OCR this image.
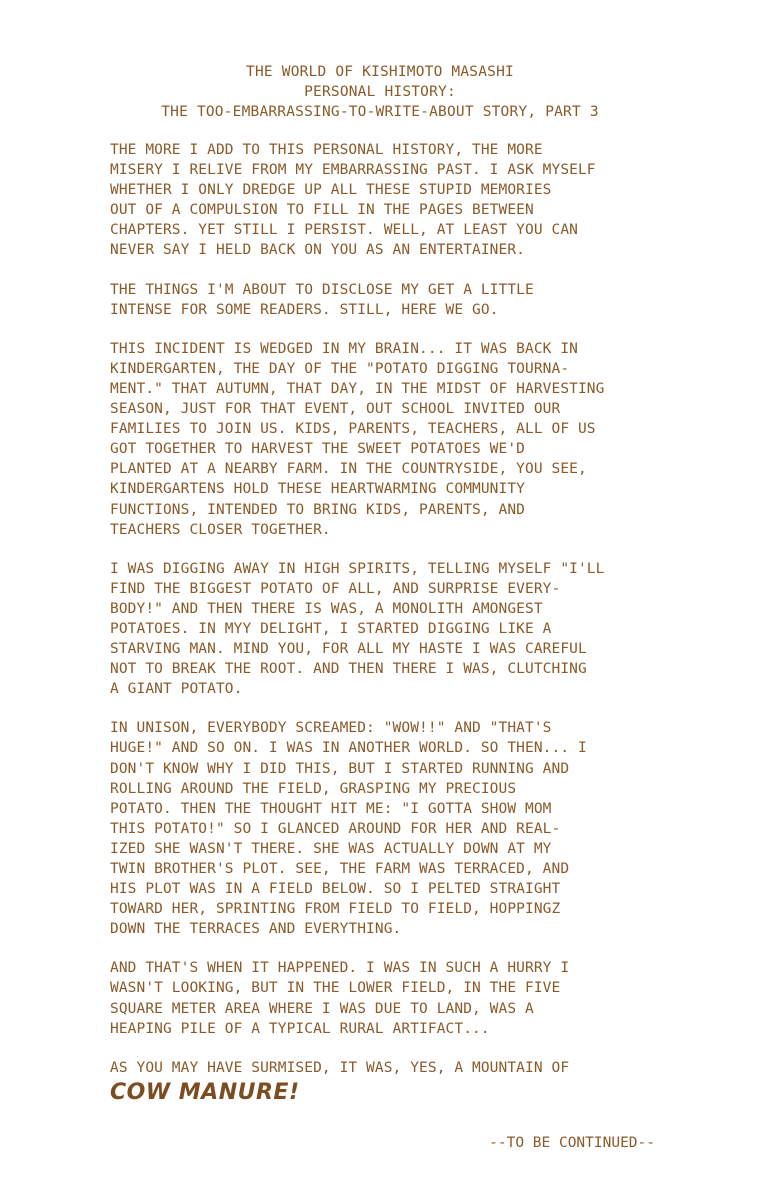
THE WORLD OF KISHIMOTO MASASHI
PERSONAL HISTORY:
THE TOO-EMBARRASSING-TO-WRITE-ABOUT STORY, PART 3
THE MORE I ADD TO THIS PERSONAL HISTORY, THE MORE
MISERY I RELIVE FROM MY EMBARRASSING PAST. I ASK MYSELF
WHETHER I ONLY DREDGE UP ALL THESE STUPID MEMORIES
OUT OF A COMPULSION TO FILL IN THE PAGES BETWEEN
CHAPTERS. YET STILL I PERSIST. WELL, AT LEAST YOU CAN
NEVER SAY I HELD BACK ON YOU AS AN ENTERTAINER.
THE THINGS I'M ABOUT TO DISCLOSE MY GET A LITTLE
INTENSE FOR SOME READERS. STILL, HERE WE GO.
THIS INCIDENT IS WEDGED IN MY BRAIN... IT WAS BACK IN
KINDERGARTEN, THE DAY OF THE "POTATO DIGGING TOURNA-
MENT." THAT AUTUMN, THAT DAY, IN THE MIDST OF HARVESTING
SEASON, JUST FOR THAT EVENT, OUT SCHOOL INVITED OUR
FAMILIES TO JOIN US. KIDS, PARENTS, TEACHERS, ALL OF US
GOT TOGETHER TO HARVEST THE SWEET POTATOES WE'D
PLANTED AT A NEARBY FARM. IN THE COUNTRYSIDE, YOU SEE,
KINDERGARTENS HOLD THESE HEARTWARMING COMMUNITY
FUNCTIONS, INTENDED TO BRING KIDS, PARENTS, AND
TEACHERS CLOSER TOGETHER.
I WAS DIGGING AWAY IN HIGH SPIRITS, TELLING MYSELF "I'LL
FIND THE BIGGEST POTATO OF ALL, AND SURPRISE EVERY-
BODY!" AND THEN THERE IS WAS, A MONOLITH AMONGEST
POTATOES. IN MYY DELIGHT, I STARTED DIGGING LIKE A
STARVING MAN. MIND YOU, FOR ALL MY HASTE I WAS CAREFUL
NOT TO BREAK THE ROOT. AND THEN THERE I WAS, CLUTCHING
A GIANT POTATO.
IN UNISON, EVERYBODY SCREAMED: "WOW!!" AND "THAT'S
HUGE!" AND SO ON. I WAS IN ANOTHER WORLD. SO THEN... I
DON'T KNOW WHY I DID THIS, BUT I STARTED RUNNING AND
ROLLING AROUND THE FIELD, GRASPING MY PRECIOUS
POTATO. THEN THE THOUGHT HIT ME: "I GOTTA SHOW MOM
THIS POTATO!" SO I GLANCED AROUND FOR HER AND REAL-
IZED SHE WASN'T THERE. SHE WAS ACTUALLY DOWN AT MY
TWIN BROTHER'S PLOT. SEE, THE FARM WAS TERRACED, AND
HIS PLOT WAS IN A FIELD BELOW. SO I PELTED STRAIGHT
TOWARD HER, SPRINTING FROM FIELD TO FIELD, HOPPINGZ
DOWN THE TERRACES AND EVERYTHING.
AND THAT'S WHEN IT HAPPENED. I WAS IN SUCH A HURRY I
WASN'T LOOKING, BUT IN THE LOWER FIELD, IN THE FIVE
SQUARE METER AREA WHERE I WAS DUE TO LAND, WAS A
HEAPING PILE OF A TYPICAL RURAL ARTIFACT...
AS YOU MAY HAVE SURMISED, IT WAS, YES, A MOUNTAIN OF
COW MANURE!
--TO BE CONTINUED--
